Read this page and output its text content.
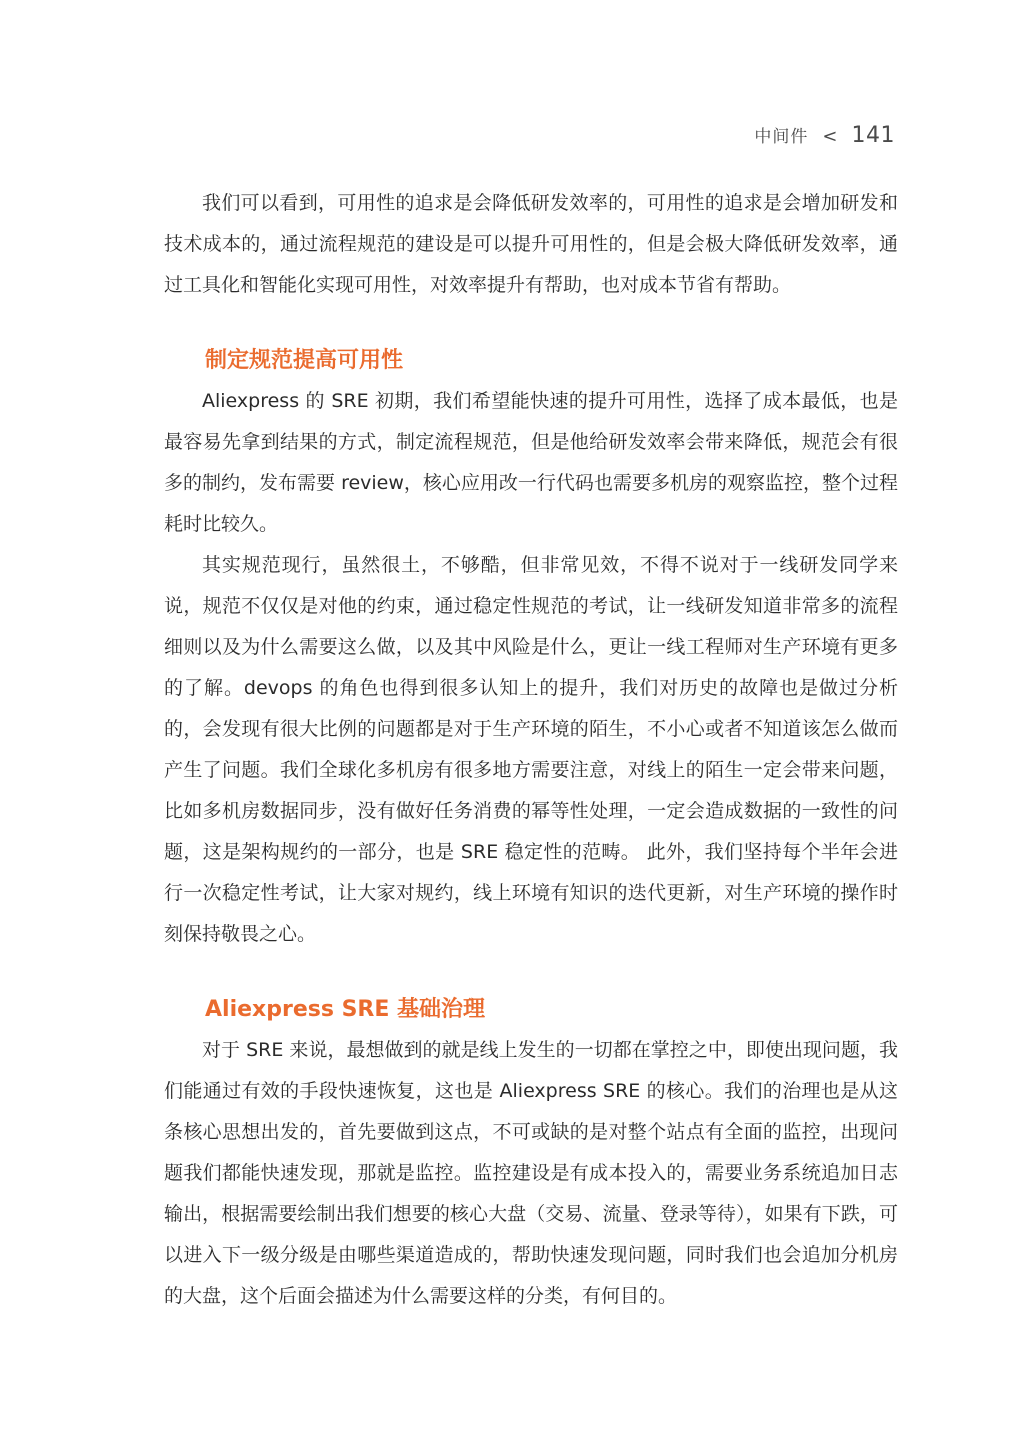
中间件 < 141

我们可以看到，可用性的追求是会降低研发效率的，可用性的追求是会增加研发和技术成本的，通过流程规范的建设是可以提升可用性的，但是会极大降低研发效率，通过工具化和智能化实现可用性，对效率提升有帮助，也对成本节省有帮助。

制定规范提高可用性

Aliexpress 的 SRE 初期，我们希望能快速的提升可用性，选择了成本最低，也是最容易先拿到结果的方式，制定流程规范，但是他给研发效率会带来降低，规范会有很多的制约，发布需要 review，核心应用改一行代码也需要多机房的观察监控，整个过程耗时比较久。

其实规范现行，虽然很土，不够酷，但非常见效，不得不说对于一线研发同学来说，规范不仅仅是对他的约束，通过稳定性规范的考试，让一线研发知道非常多的流程细则以及为什么需要这么做，以及其中风险是什么，更让一线工程师对生产环境有更多的了解。devops 的角色也得到很多认知上的提升，我们对历史的故障也是做过分析的，会发现有很大比例的问题都是对于生产环境的陌生，不小心或者不知道该怎么做而产生了问题。我们全球化多机房有很多地方需要注意，对线上的陌生一定会带来问题，比如多机房数据同步，没有做好任务消费的幂等性处理，一定会造成数据的一致性的问题，这是架构规约的一部分，也是 SRE 稳定性的范畴。 此外，我们坚持每个半年会进行一次稳定性考试，让大家对规约，线上环境有知识的迭代更新，对生产环境的操作时刻保持敬畏之心。

Aliexpress SRE 基础治理

对于 SRE 来说，最想做到的就是线上发生的一切都在掌控之中，即使出现问题，我们能通过有效的手段快速恢复，这也是 Aliexpress SRE 的核心。我们的治理也是从这条核心思想出发的，首先要做到这点，不可或缺的是对整个站点有全面的监控，出现问题我们都能快速发现，那就是监控。监控建设是有成本投入的，需要业务系统追加日志输出，根据需要绘制出我们想要的核心大盘（交易、流量、登录等待），如果有下跌，可以进入下一级分级是由哪些渠道造成的，帮助快速发现问题，同时我们也会追加分机房的大盘，这个后面会描述为什么需要这样的分类，有何目的。
